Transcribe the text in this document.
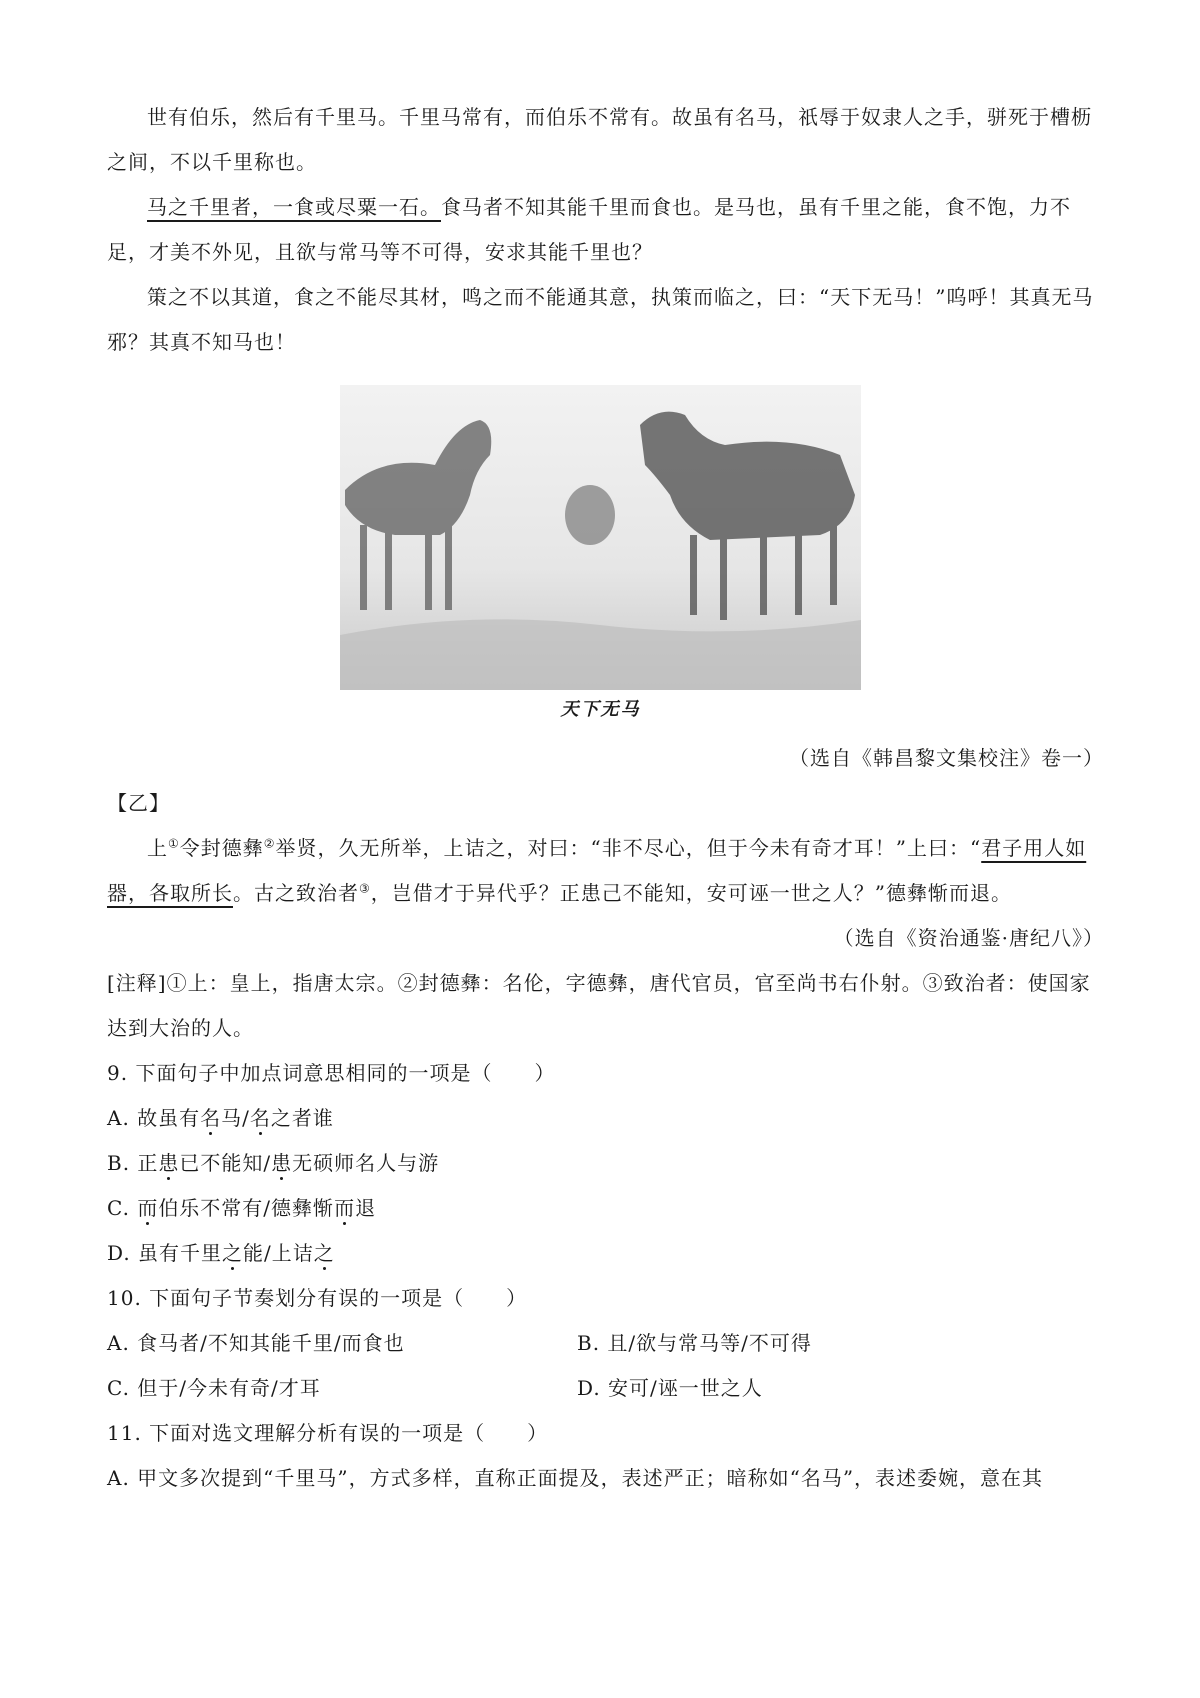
世有伯乐，然后有千里马。千里马常有，而伯乐不常有。故虽有名马，祇辱于奴隶人之手，骈死于槽枥之间，不以千里称也。

马之千里者，一食或尽粟一石。食马者不知其能千里而食也。是马也，虽有千里之能，食不饱，力不足，才美不外见，且欲与常马等不可得，安求其能千里也？

策之不以其道，食之不能尽其材，鸣之而不能通其意，执策而临之，曰：“天下无马！”呜呼！其真无马邪？其真不知马也！

天下无马

（选自《韩昌黎文集校注》卷一）

【乙】

上①令封德彝②举贤，久无所举，上诘之，对曰：“非不尽心，但于今未有奇才耳！”上曰：“君子用人如器，各取所长。古之致治者③，岂借才于异代乎？正患己不能知，安可诬一世之人？”德彝惭而退。

（选自《资治通鉴·唐纪八》）

[注释]①上：皇上，指唐太宗。②封德彝：名伦，字德彝，唐代官员，官至尚书右仆射。③致治者：使国家达到大治的人。

9. 下面句子中加点词意思相同的一项是（　　）

A. 故虽有名马/名之者谁

B. 正患已不能知/患无硕师名人与游

C. 而伯乐不常有/德彝惭而退

D. 虽有千里之能/上诘之

10. 下面句子节奏划分有误的一项是（　　）

A. 食马者/不知其能千里/而食也	B. 且/欲与常马等/不可得
C. 但于/今未有奇/才耳	D. 安可/诬一世之人

11. 下面对选文理解分析有误的一项是（　　）

A. 甲文多次提到“千里马”，方式多样，直称正面提及，表述严正；暗称如“名马”，表述委婉，意在其
